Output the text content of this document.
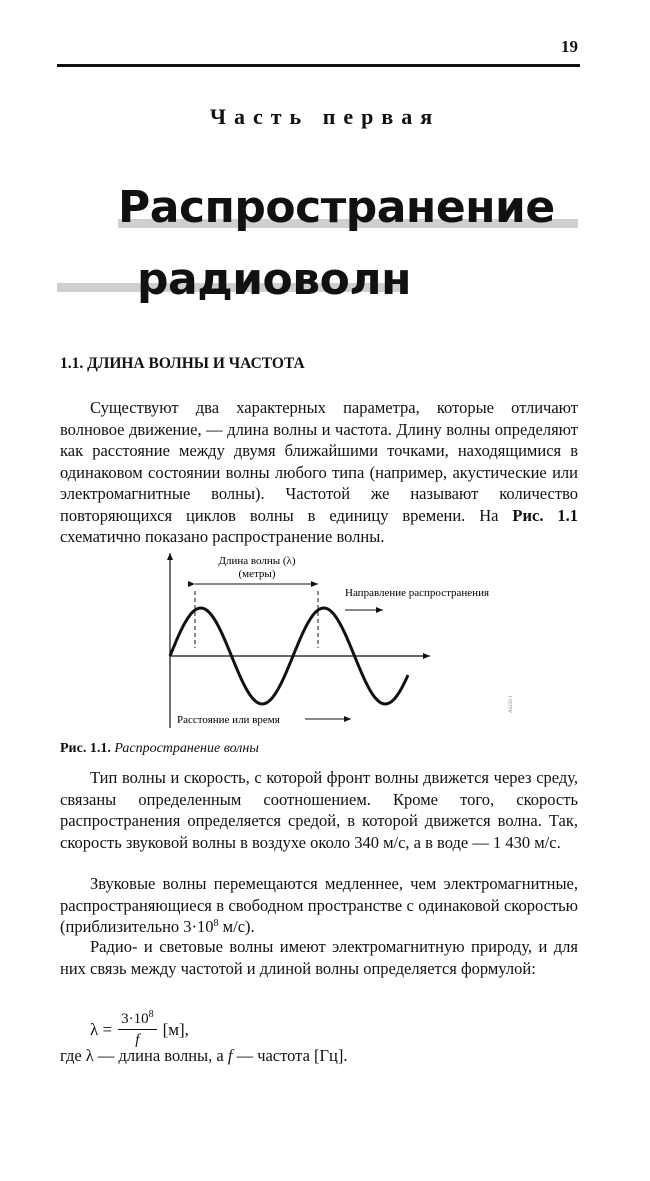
19
Часть первая
Распространение
радиоволн
1.1. ДЛИНА ВОЛНЫ И ЧАСТОТА

Существуют два характерных параметра, которые отличают волновое движение, — длина волны и частота. Длину волны определяют как расстояние между двумя ближайшими точками, находящимися в одинаковом состоянии волны любого типа (например, акустические или электромагнитные волны). Частотой же называют количество повторяющихся циклов волны в единицу времени. На Рис. 1.1 схематично показано распространение волны.

Длина волны (λ)
(метры)
Направление распространения
Расстояние или время
A0233-1
Рис. 1.1. Распространение волны

Тип волны и скорость, с которой фронт волны движется через среду, связаны определенным соотношением. Кроме того, скорость распространения определяется средой, в которой движется волна. Так, скорость звуковой волны в воздухе около 340 м/с, а в воде — 1 430 м/с.

Звуковые волны перемещаются медленнее, чем электромагнитные, распространяющиеся в свободном пространстве с одинаковой скоростью (приблизительно $3\cdot 10^8$ м/с).

Радио- и световые волны имеют электромагнитную природу, и для них связь между частотой и длиной волны определяется формулой:

$\lambda = \frac{3\cdot 10^8}{f} [м]$,
где λ — длина волны, а f — частота [Гц].
